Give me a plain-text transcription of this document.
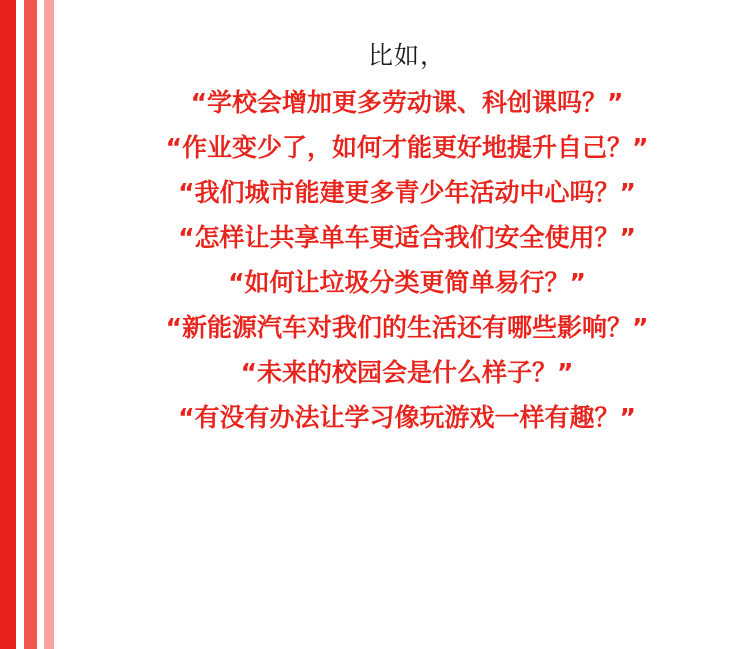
比如，
“学校会增加更多劳动课、科创课吗？”
“作业变少了，如何才能更好地提升自己？”
“我们城市能建更多青少年活动中心吗？”
“怎样让共享单车更适合我们安全使用？”
“如何让垃圾分类更简单易行？”
“新能源汽车对我们的生活还有哪些影响？”
“未来的校园会是什么样子？”
“有没有办法让学习像玩游戏一样有趣？”
